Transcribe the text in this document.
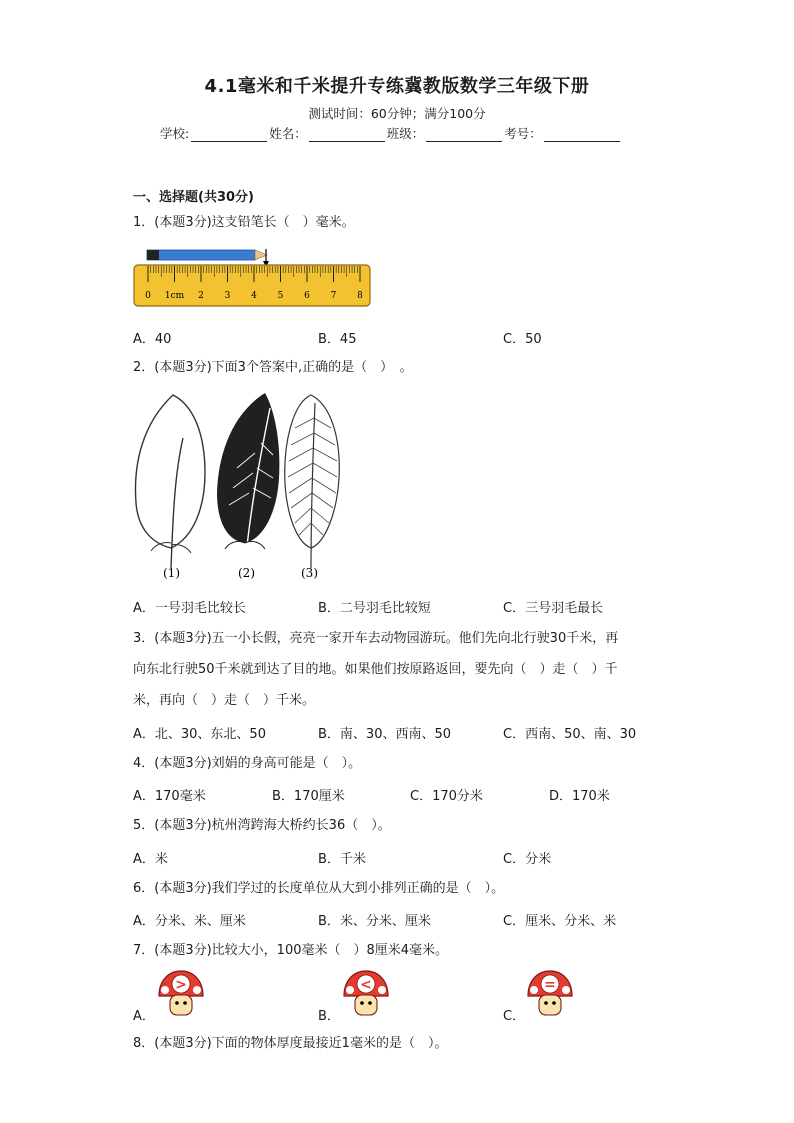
4.1毫米和千米提升专练冀教版数学三年级下册
测试时间：60分钟；满分100分
学校:	姓名：	班级：	考号：
一、选择题(共30分)
1．(本题3分)这支铅笔长（　）毫米。
0 1cm 2 3 4 5 6 7 8
A．40	B．45	C．50
2．(本题3分)下面3个答案中,正确的是（　）　。
(1)	(2)	(3)
A．一号羽毛比较长	B．二号羽毛比较短	C．三号羽毛最长
3．(本题3分)五一小长假，亮亮一家开车去动物园游玩。他们先向北行驶30千米，再
向东北行驶50千米就到达了目的地。如果他们按原路返回，要先向（　）走（　）千
米，再向（　）走（　）千米。
A．北、30、东北、50	B．南、30、西南、50	C．西南、50、南、30
4．(本题3分)刘娟的身高可能是（　）。
A．170毫米	B．170厘米	C．170分米	D．170米
5．(本题3分)杭州湾跨海大桥约长36（　）。
A．米	B．千米	C．分米
6．(本题3分)我们学过的长度单位从大到小排列正确的是（　）。
A．分米、米、厘米	B．米、分米、厘米	C．厘米、分米、米
7．(本题3分)比较大小，100毫米（　）8厘米4毫米。
A．	B．	C．
>	<	=
8．(本题3分)下面的物体厚度最接近1毫米的是（　）。
